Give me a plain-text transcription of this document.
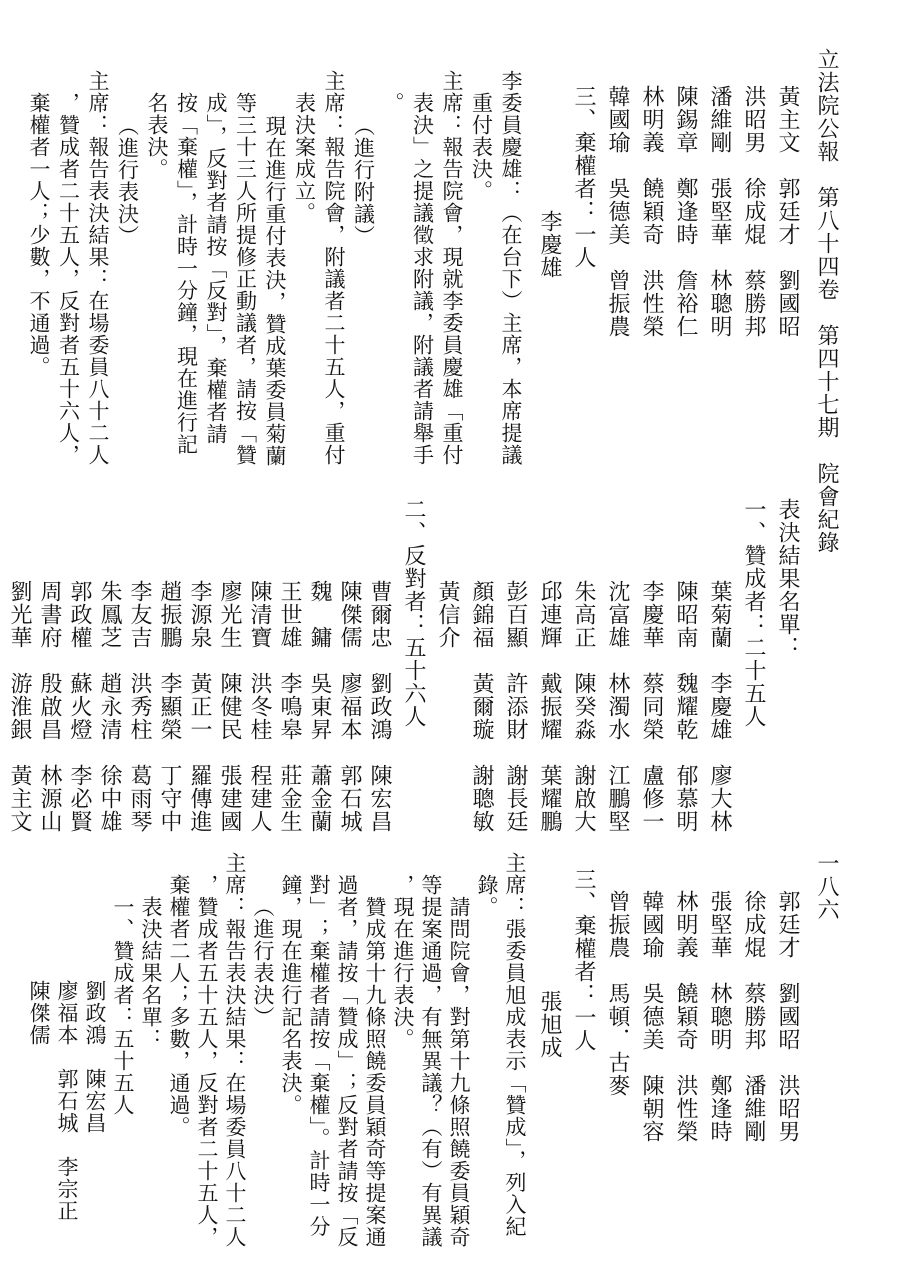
立法院公報　第八十四卷　第四十七期　院會紀錄
一八六
黃主文　郭廷才　劉國昭
洪昭男　徐成焜　蔡勝邦
潘維剛　張堅華　林聰明
陳錫章　鄭逢時　詹裕仁
林明義　饒穎奇　洪性榮
韓國瑜　吳德美　曾振農
三、棄權者：一人
李慶雄
李委員慶雄：（在台下）主席，本席提議
重付表決。
主席：報告院會，現就李委員慶雄「重付
表決」之提議徵求附議，附議者請舉手
。
（進行附議）
主席：報告院會，附議者二十五人，重付
表決案成立。
現在進行重付表決，贊成葉委員菊蘭
等三十三人所提修正動議者，請按「贊
成」，反對者請按「反對」，棄權者請
按「棄權」，計時一分鐘，現在進行記
名表決。
（進行表決）
主席：報告表決結果：在場委員八十二人
，贊成者二十五人，反對者五十六人，
棄權者一人；少數，不通過。
表決結果名單：
一、贊成者：二十五人
葉菊蘭　李慶雄　廖大林
陳昭南　魏耀乾　郁慕明
李慶華　蔡同榮　盧修一
沈富雄　林濁水　江鵬堅
朱高正　陳癸淼　謝啟大
邱連輝　戴振耀　葉耀鵬
彭百顯　許添財　謝長廷
顏錦福　黃爾璇　謝聰敏
黃信介
二、反對者：五十六人
曹爾忠　劉政鴻　陳宏昌
陳傑儒　廖福本　郭石城
魏　鏞　吳東昇　蕭金蘭
王世雄　李鳴皋　莊金生
陳清寶　洪冬桂　程建人
廖光生　陳健民　張建國
李源泉　黃正一　羅傳進
趙振鵬　李顯榮　丁守中
李友吉　洪秀柱　葛雨琴
朱鳳芝　趙永清　徐中雄
郭政權　蘇火燈　李必賢
周書府　殷啟昌　林源山
劉光華　游淮銀　黃主文
郭廷才　劉國昭　洪昭男
徐成焜　蔡勝邦　潘維剛
張堅華　林聰明　鄭逢時
林明義　饒穎奇　洪性榮
韓國瑜　吳德美　陳朝容
曾振農　馬頓．古麥
三、棄權者：一人
張旭成
主席：張委員旭成表示「贊成」，列入紀
錄。
請問院會，對第十九條照饒委員穎奇
等提案通過，有無異議？（有）有異議
，現在進行表決。
贊成第十九條照饒委員穎奇等提案通
過者，請按「贊成」；反對者請按「反
對」；棄權者請按「棄權」。計時一分
鐘，現在進行記名表決。
（進行表決）
主席：報告表決結果：在場委員八十二人
，贊成者五十五人，反對者二十五人，
棄權者二人；多數，通過。
表決結果名單：
一、贊成者：五十五人
劉政鴻　陳宏昌
廖福本　郭石城　李宗正
陳傑儒
